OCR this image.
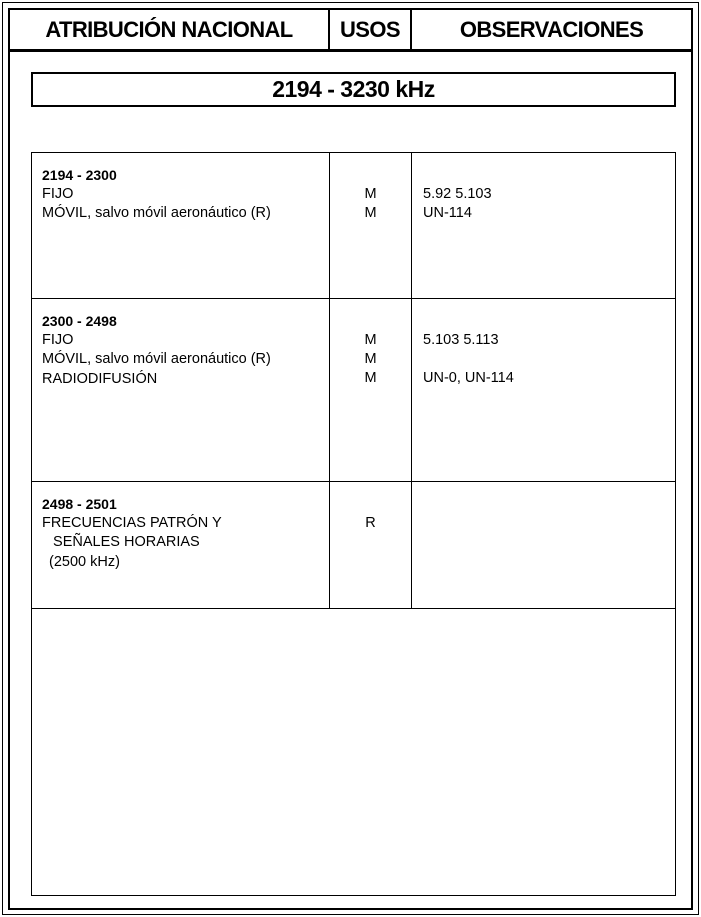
ATRIBUCIÓN NACIONAL	USOS	OBSERVACIONES
2194 - 3230 kHz
2194 - 2300
FIJO
MÓVIL, salvo móvil aeronáutico (R)
M
M
5.92 5.103
UN-114
2300 - 2498
FIJO
MÓVIL, salvo móvil aeronáutico (R)
RADIODIFUSIÓN
M
M
M
5.103 5.113
UN-0, UN-114
2498 - 2501
FRECUENCIAS PATRÓN Y
SEÑALES HORARIAS
(2500 kHz)
R
